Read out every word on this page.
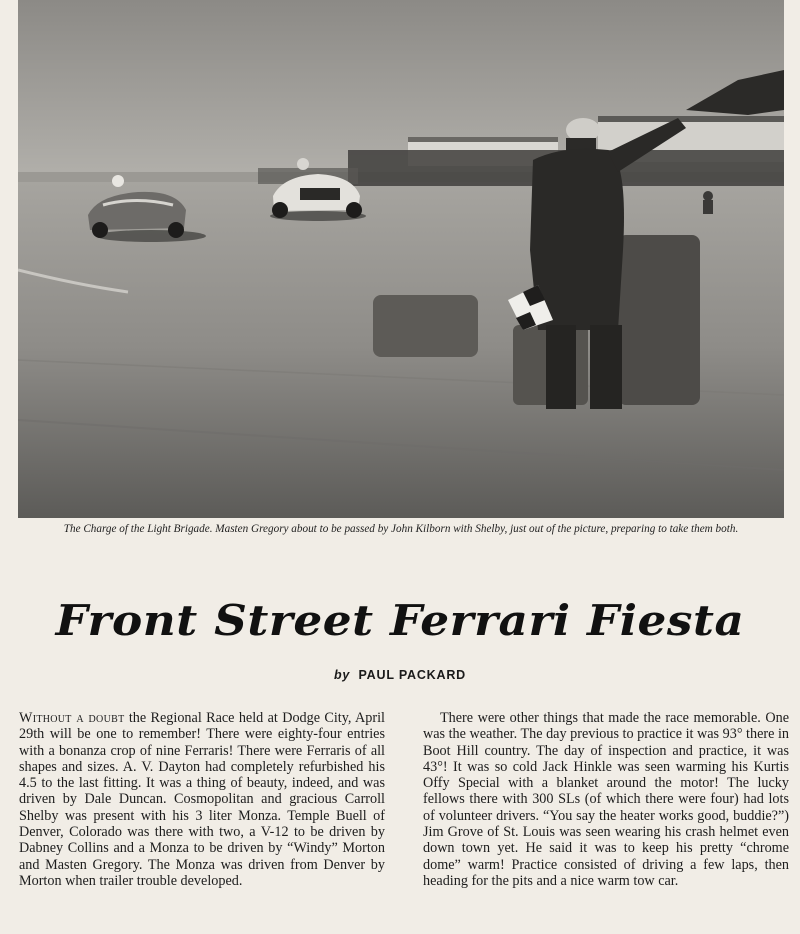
The Charge of the Light Brigade. Masten Gregory about to be passed by John Kilborn with Shelby, just out of the picture, preparing to take them both.
Front Street Ferrari Fiesta
by PAUL PACKARD
Without a doubt the Regional Race held at Dodge City, April 29th will be one to remember! There were eighty-four entries with a bonanza crop of nine Ferraris! There were Ferraris of all shapes and sizes. A. V. Dayton had completely refurbished his 4.5 to the last fitting. It was a thing of beauty, indeed, and was driven by Dale Duncan. Cosmopolitan and gracious Carroll Shelby was present with his 3 liter Monza. Temple Buell of Denver, Colorado was there with two, a V-12 to be driven by Dabney Collins and a Monza to be driven by “Windy” Morton and Masten Gregory. The Monza was driven from Denver by Morton when trailer trouble developed.
There were other things that made the race memorable. One was the weather. The day previous to practice it was 93° there in Boot Hill country. The day of inspection and practice, it was 43°! It was so cold Jack Hinkle was seen warming his Kurtis Offy Special with a blanket around the motor! The lucky fellows there with 300 SLs (of which there were four) had lots of volunteer drivers. “You say the heater works good, buddie?”) Jim Grove of St. Louis was seen wearing his crash helmet even down town yet. He said it was to keep his pretty “chrome dome” warm! Practice consisted of driving a few laps, then heading for the pits and a nice warm tow car.
